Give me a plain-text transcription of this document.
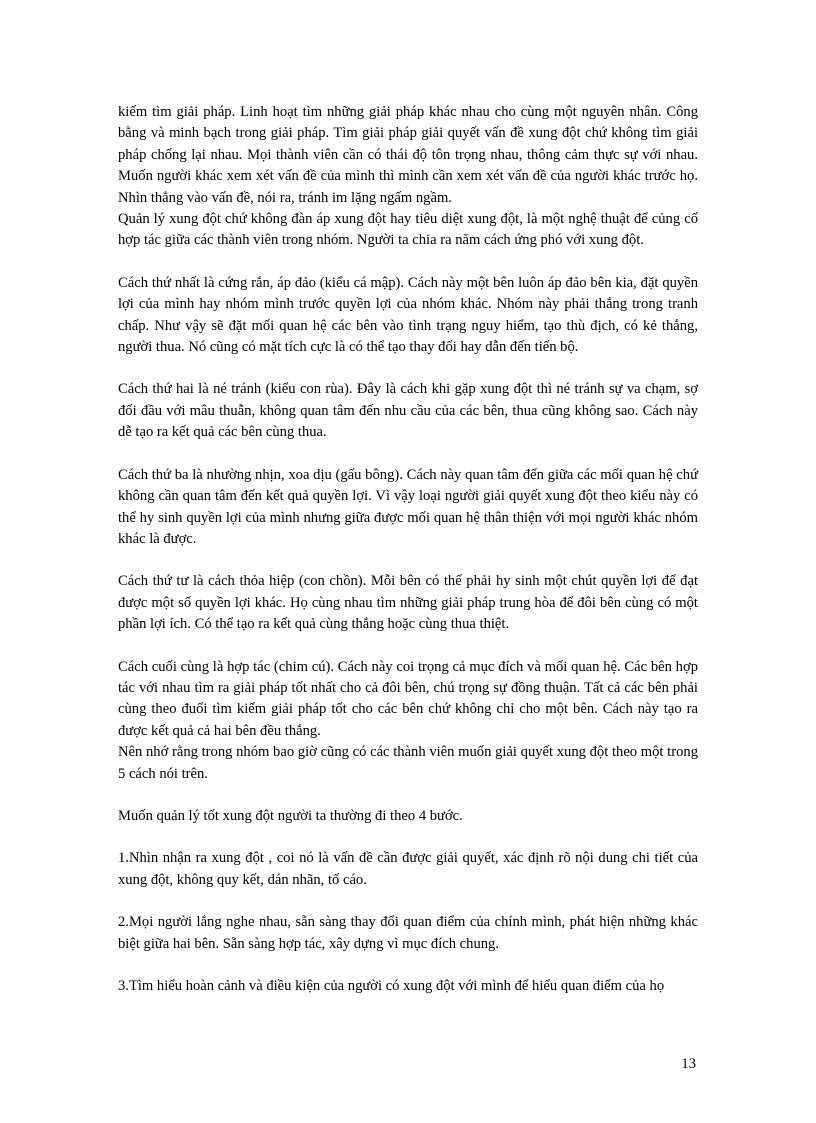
kiếm tìm giải pháp. Linh hoạt tìm những giải pháp khác nhau cho cùng một nguyên nhân. Công bằng và minh bạch trong giải pháp. Tìm giải pháp giải quyết vấn đề xung đột chứ không tìm giải pháp chống lại nhau. Mọi thành viên cần có thái độ tôn trọng nhau, thông cảm thực sự với nhau. Muốn người khác xem xét vấn đề của mình thì mình cần xem xét vấn đề của người khác trước họ. Nhìn thẳng vào vấn đề, nói ra, tránh im lặng ngấm ngầm.

Quản lý xung đột chứ không đàn áp xung đột hay tiêu diệt xung đột, là một nghệ thuật để củng cố hợp tác giữa các thành viên trong nhóm. Người ta chia ra năm cách ứng phó với xung đột.

Cách thứ nhất là cứng rắn, áp đảo (kiểu cá mập). Cách này một bên luôn áp đảo bên kia, đặt quyền lợi của mình hay nhóm mình trước quyền lợi của nhóm khác. Nhóm này phải thắng trong tranh chấp. Như vậy sẽ đặt mối quan hệ các bên vào tình trạng nguy hiểm, tạo thù địch, có kẻ thắng, người thua. Nó cũng có mặt tích cực là có thể tạo thay đổi hay dẫn đến tiến bộ.

Cách thứ hai là né tránh (kiểu con rùa). Đây là cách khi gặp xung đột thì né tránh sự va chạm, sợ đối đầu với mâu thuẫn, không quan tâm đến nhu cầu của các bên, thua cũng không sao. Cách này dễ tạo ra kết quả các bên cùng thua.

Cách thứ ba là nhường nhịn, xoa dịu (gấu bông). Cách này quan tâm đến giữa các mối quan hệ chứ không cần quan tâm đến kết quả quyền lợi. Vì vậy loại người giải quyết xung đột theo kiểu này có thể hy sinh quyền lợi của mình nhưng giữa được mối quan hệ thân thiện với mọi người khác nhóm khác là được.

Cách thứ tư là cách thỏa hiệp (con chồn). Mỗi bên có thể phải hy sinh một chút quyền lợi để đạt được một số quyền lợi khác. Họ cùng nhau tìm những giải pháp trung hòa để đôi bên cùng có một phần lợi ích. Có thể tạo ra kết quả cùng thắng hoặc cùng thua thiệt.

Cách cuối cùng là hợp tác (chim cú). Cách này coi trọng cả mục đích và mối quan hệ. Các bên hợp tác với nhau tìm ra giải pháp tốt nhất cho cả đôi bên, chú trọng sự đồng thuận. Tất cả các bên phải cùng theo đuổi tìm kiếm giải pháp tốt cho các bên chứ không chỉ cho một bên. Cách này tạo ra được kết quả cả hai bên đều thắng.

Nên nhớ rằng trong nhóm bao giờ cũng có các thành viên muốn giải quyết xung đột theo một trong 5 cách nói trên.

Muốn quản lý tốt xung đột người ta thường đi theo 4 bước.

1.Nhìn nhận ra xung đột , coi nó là vấn đề cần được giải quyết, xác định rõ nội dung chi tiết của xung đột, không quy kết, dán nhãn, tố cáo.

2.Mọi người lắng nghe nhau, sẵn sàng thay đổi quan điểm của chính mình, phát hiện những khác biệt giữa hai bên. Sẵn sàng hợp tác, xây dựng vì mục đích chung.

3.Tìm hiểu hoàn cảnh và điều kiện của người có xung đột với mình để hiểu quan điểm của họ

13
